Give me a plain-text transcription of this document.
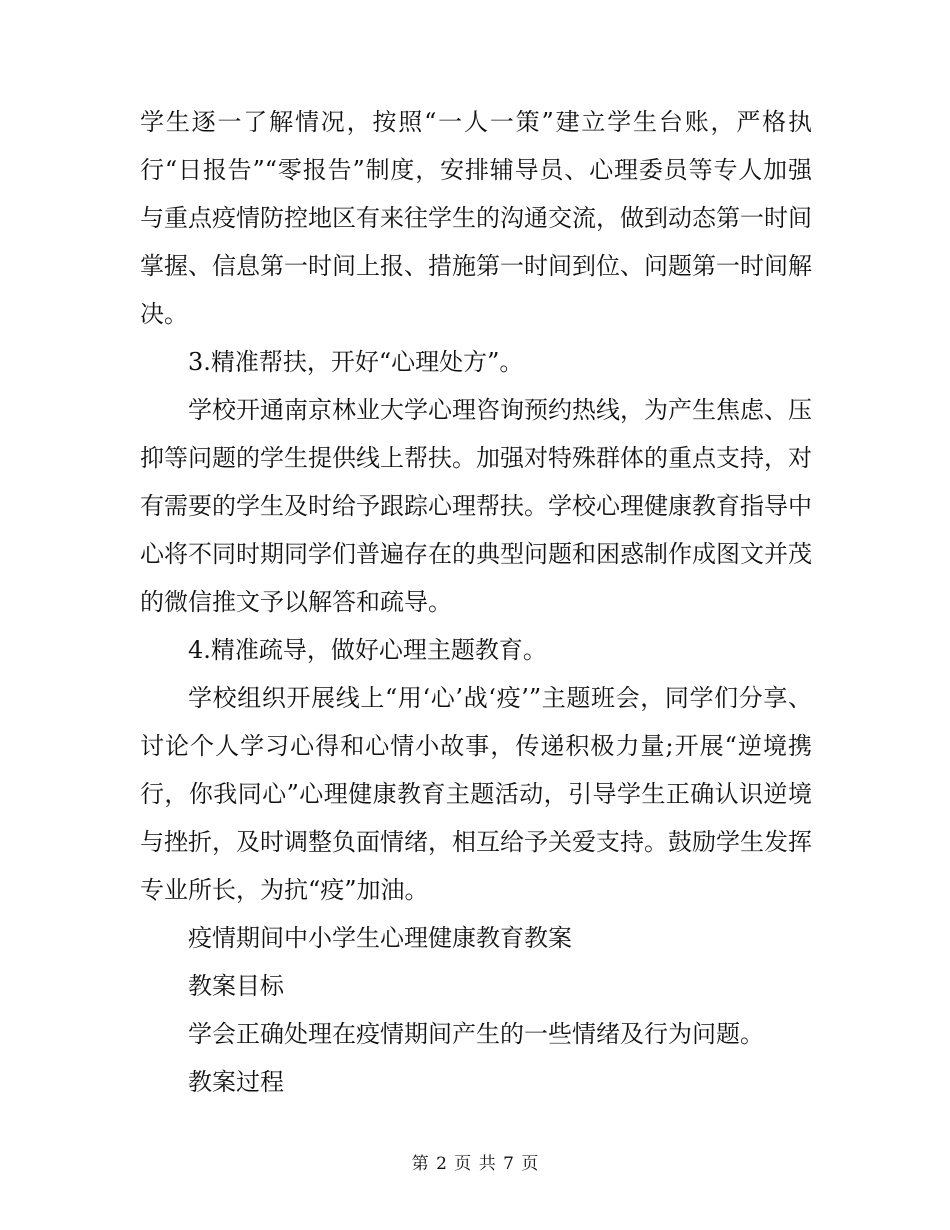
学生逐一了解情况，按照“一人一策”建立学生台账，严格执行“日报告”“零报告”制度，安排辅导员、心理委员等专人加强与重点疫情防控地区有来往学生的沟通交流，做到动态第一时间掌握、信息第一时间上报、措施第一时间到位、问题第一时间解决。

3.精准帮扶，开好“心理处方”。

学校开通南京林业大学心理咨询预约热线，为产生焦虑、压抑等问题的学生提供线上帮扶。加强对特殊群体的重点支持，对有需要的学生及时给予跟踪心理帮扶。学校心理健康教育指导中心将不同时期同学们普遍存在的典型问题和困惑制作成图文并茂的微信推文予以解答和疏导。

4.精准疏导，做好心理主题教育。

学校组织开展线上“用‘心’战‘疫’”主题班会，同学们分享、讨论个人学习心得和心情小故事，传递积极力量;开展“逆境携行，你我同心”心理健康教育主题活动，引导学生正确认识逆境与挫折，及时调整负面情绪，相互给予关爱支持。鼓励学生发挥专业所长，为抗“疫”加油。

疫情期间中小学生心理健康教育教案

教案目标

学会正确处理在疫情期间产生的一些情绪及行为问题。

教案过程

第 2 页 共 7 页
